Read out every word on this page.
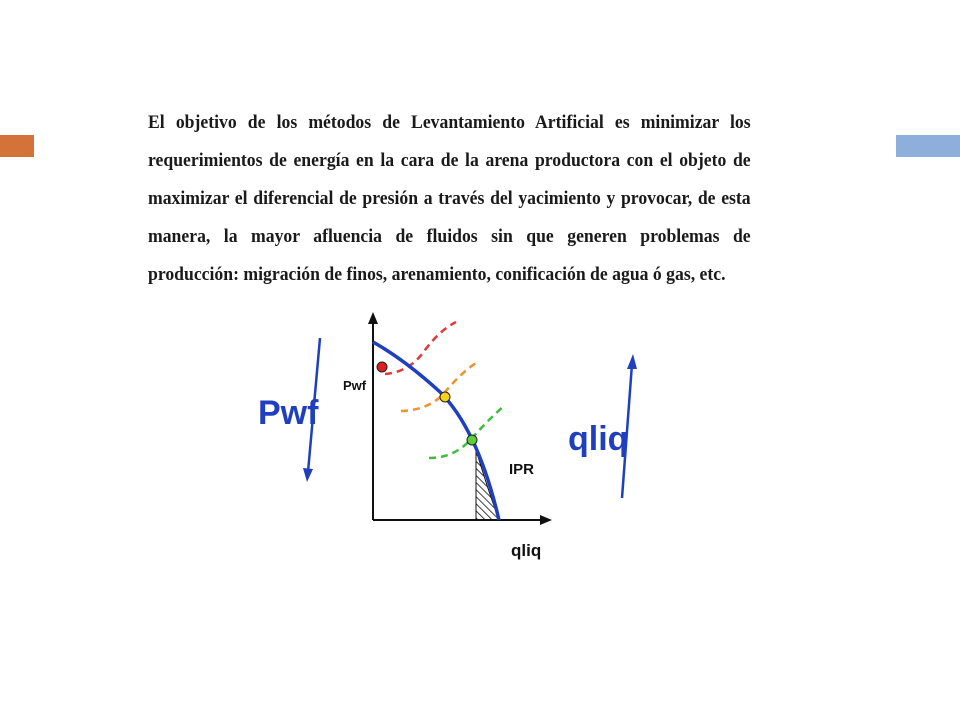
El objetivo de los métodos de Levantamiento Artificial es minimizar los requerimientos de energía en la cara de la arena productora con el objeto de maximizar el diferencial de presión a través del yacimiento y provocar, de esta manera, la mayor afluencia de fluidos sin que generen problemas de producción: migración de finos, arenamiento, conificación de agua ó gas, etc.
Pwf
qliq
IPR
Pwf
qliq
